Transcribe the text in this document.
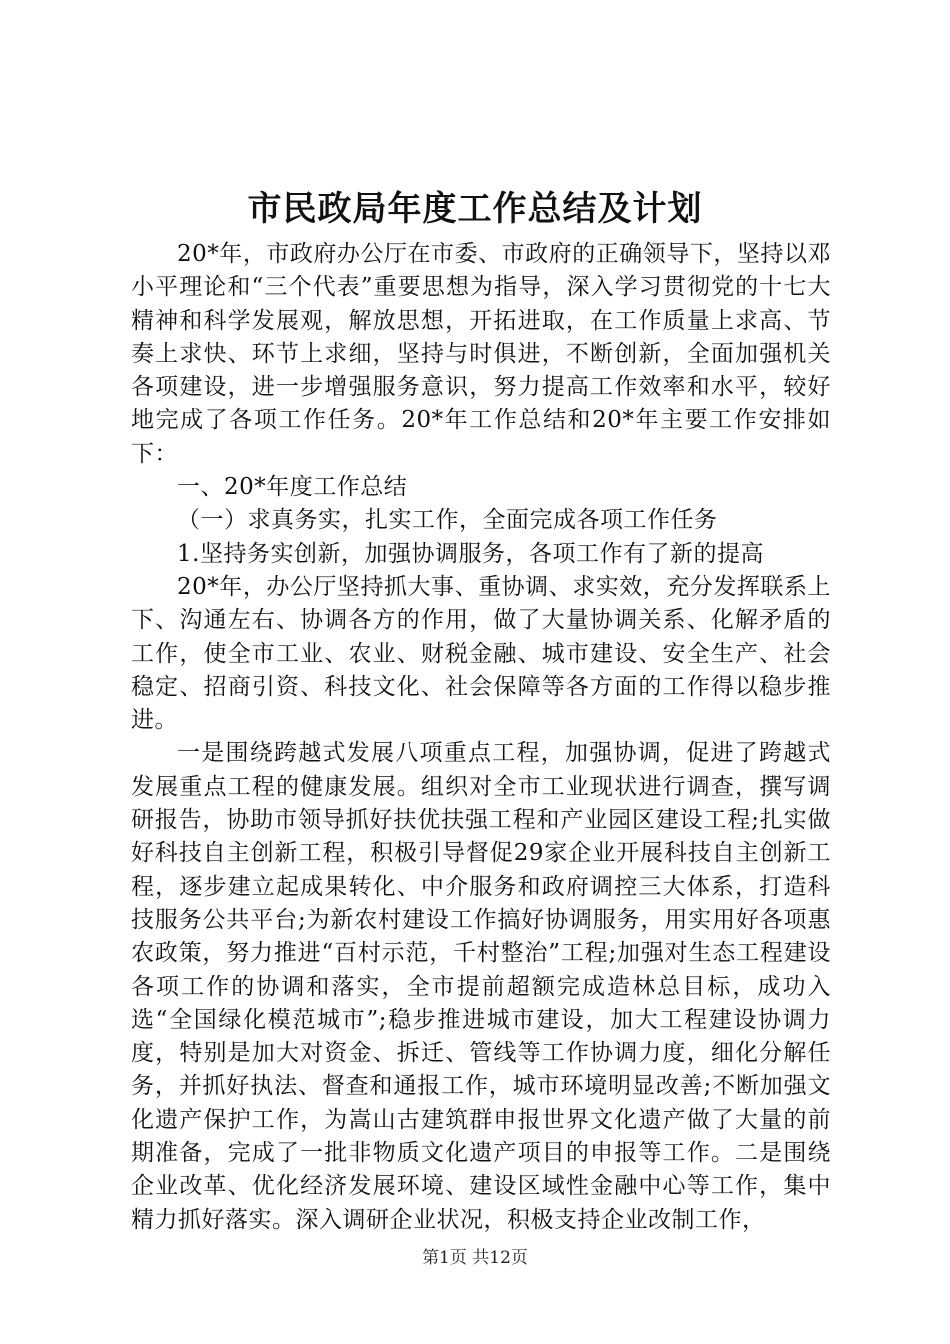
市民政局年度工作总结及计划

20*年，市政府办公厅在市委、市政府的正确领导下，坚持以邓小平理论和“三个代表”重要思想为指导，深入学习贯彻党的十七大精神和科学发展观，解放思想，开拓进取，在工作质量上求高、节奏上求快、环节上求细，坚持与时俱进，不断创新，全面加强机关各项建设，进一步增强服务意识，努力提高工作效率和水平，较好地完成了各项工作任务。20*年工作总结和20*年主要工作安排如下：

一、20*年度工作总结

（一）求真务实，扎实工作，全面完成各项工作任务

1.坚持务实创新，加强协调服务，各项工作有了新的提高

20*年，办公厅坚持抓大事、重协调、求实效，充分发挥联系上下、沟通左右、协调各方的作用，做了大量协调关系、化解矛盾的工作，使全市工业、农业、财税金融、城市建设、安全生产、社会稳定、招商引资、科技文化、社会保障等各方面的工作得以稳步推进。

一是围绕跨越式发展八项重点工程，加强协调，促进了跨越式发展重点工程的健康发展。组织对全市工业现状进行调查，撰写调研报告，协助市领导抓好扶优扶强工程和产业园区建设工程;扎实做好科技自主创新工程，积极引导督促29家企业开展科技自主创新工程，逐步建立起成果转化、中介服务和政府调控三大体系，打造科技服务公共平台;为新农村建设工作搞好协调服务，用实用好各项惠农政策，努力推进“百村示范，千村整治”工程;加强对生态工程建设各项工作的协调和落实，全市提前超额完成造林总目标，成功入选“全国绿化模范城市”;稳步推进城市建设，加大工程建设协调力度，特别是加大对资金、拆迁、管线等工作协调力度，细化分解任务，并抓好执法、督查和通报工作，城市环境明显改善;不断加强文化遗产保护工作，为嵩山古建筑群申报世界文化遗产做了大量的前期准备，完成了一批非物质文化遗产项目的申报等工作。二是围绕企业改革、优化经济发展环境、建设区域性金融中心等工作，集中精力抓好落实。深入调研企业状况，积极支持企业改制工作，

第1页 共12页
